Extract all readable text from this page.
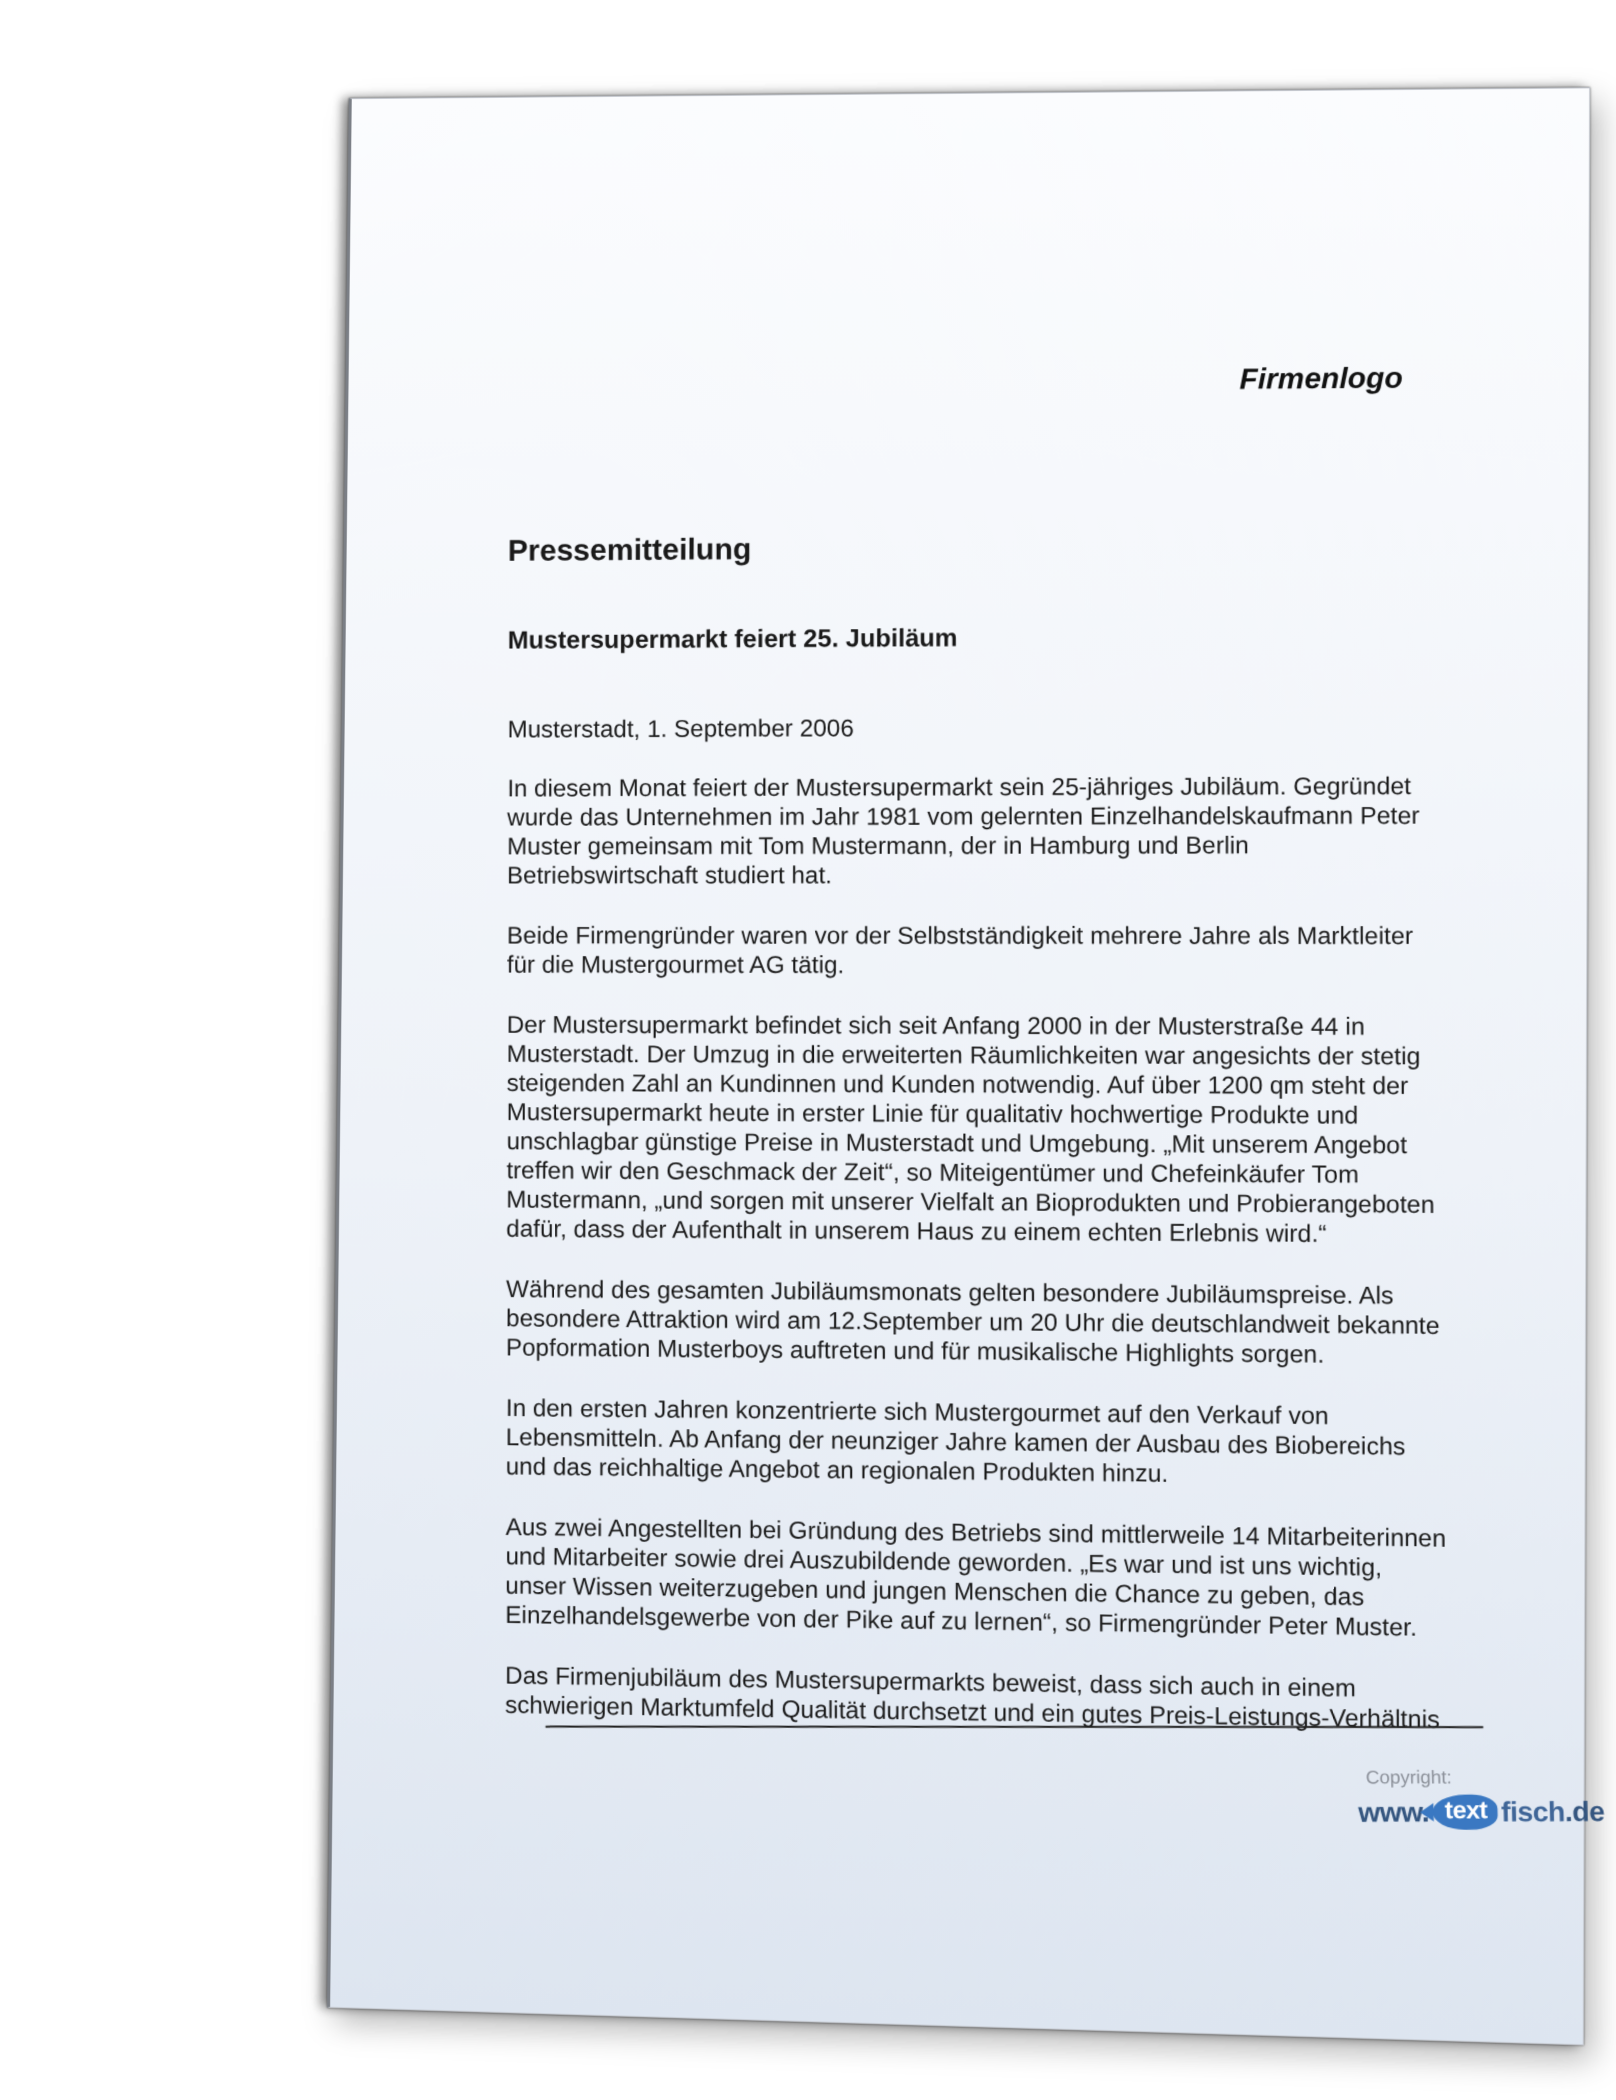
Firmenlogo
Pressemitteilung
Mustersupermarkt feiert 25. Jubiläum

Musterstadt, 1. September 2006

In diesem Monat feiert der Mustersupermarkt sein 25-jähriges Jubiläum. Gegründet wurde das Unternehmen im Jahr 1981 vom gelernten Einzelhandelskaufmann Peter Muster gemeinsam mit Tom Mustermann, der in Hamburg und Berlin Betriebswirtschaft studiert hat.

Beide Firmengründer waren vor der Selbstständigkeit mehrere Jahre als Marktleiter für die Mustergourmet AG tätig.

Der Mustersupermarkt befindet sich seit Anfang 2000 in der Musterstraße 44 in Musterstadt. Der Umzug in die erweiterten Räumlichkeiten war angesichts der stetig steigenden Zahl an Kundinnen und Kunden notwendig. Auf über 1200 qm steht der Mustersupermarkt heute in erster Linie für qualitativ hochwertige Produkte und unschlagbar günstige Preise in Musterstadt und Umgebung. „Mit unserem Angebot treffen wir den Geschmack der Zeit“, so Miteigentümer und Chefeinkäufer Tom Mustermann, „und sorgen mit unserer Vielfalt an Bioprodukten und Probierangeboten dafür, dass der Aufenthalt in unserem Haus zu einem echten Erlebnis wird.“

Während des gesamten Jubiläumsmonats gelten besondere Jubiläumspreise. Als besondere Attraktion wird am 12.September um 20 Uhr die deutschlandweit bekannte Popformation Musterboys auftreten und für musikalische Highlights sorgen.

In den ersten Jahren konzentrierte sich Mustergourmet auf den Verkauf von Lebensmitteln. Ab Anfang der neunziger Jahre kamen der Ausbau des Biobereichs und das reichhaltige Angebot an regionalen Produkten hinzu.

Aus zwei Angestellten bei Gründung des Betriebs sind mittlerweile 14 Mitarbeiterinnen und Mitarbeiter sowie drei Auszubildende geworden. „Es war und ist uns wichtig, unser Wissen weiterzugeben und jungen Menschen die Chance zu geben, das Einzelhandelsgewerbe von der Pike auf zu lernen“, so Firmengründer Peter Muster.

Das Firmenjubiläum des Mustersupermarkts beweist, dass sich auch in einem schwierigen Marktumfeld Qualität durchsetzt und ein gutes Preis-Leistungs-Verhältnis

Copyright:
www. text fisch .de
